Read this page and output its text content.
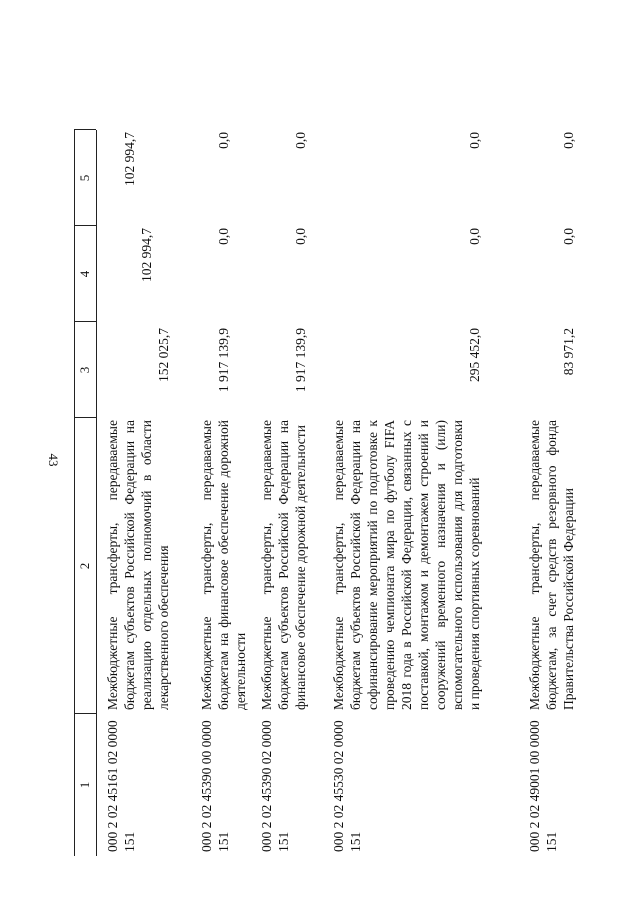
43
1
2
3
4
5
000 2 02 45161 02 0000 151
Межбюджетные трансферты, передаваемые бюджетам субъектов Российской Федерации на реализацию отдельных полномочий в области лекарственного обеспечения
152 025,7
102 994,7
102 994,7
000 2 02 45390 00 0000 151
Межбюджетные трансферты, передаваемые бюджетам на финансовое обеспечение дорожной деятельности
1 917 139,9
0,0
0,0
000 2 02 45390 02 0000 151
Межбюджетные трансферты, передаваемые бюджетам субъектов Российской Федерации на финансовое обеспечение дорожной деятельности
1 917 139,9
0,0
0,0
000 2 02 45530 02 0000 151
Межбюджетные трансферты, передаваемые бюджетам субъектов Российской Федерации на софинансирование мероприятий по подготовке к проведению чемпионата мира по футболу FIFA 2018 года в Российской Федерации, связанных с поставкой, монтажом и демонтажем строений и сооружений временного назначения и (или) вспомогательного использования для подготовки и проведения спортивных соревнований
295 452,0
0,0
0,0
000 2 02 49001 00 0000 151
Межбюджетные трансферты, передаваемые бюджетам, за счет средств резервного фонда Правительства Российской Федерации
83 971,2
0,0
0,0
